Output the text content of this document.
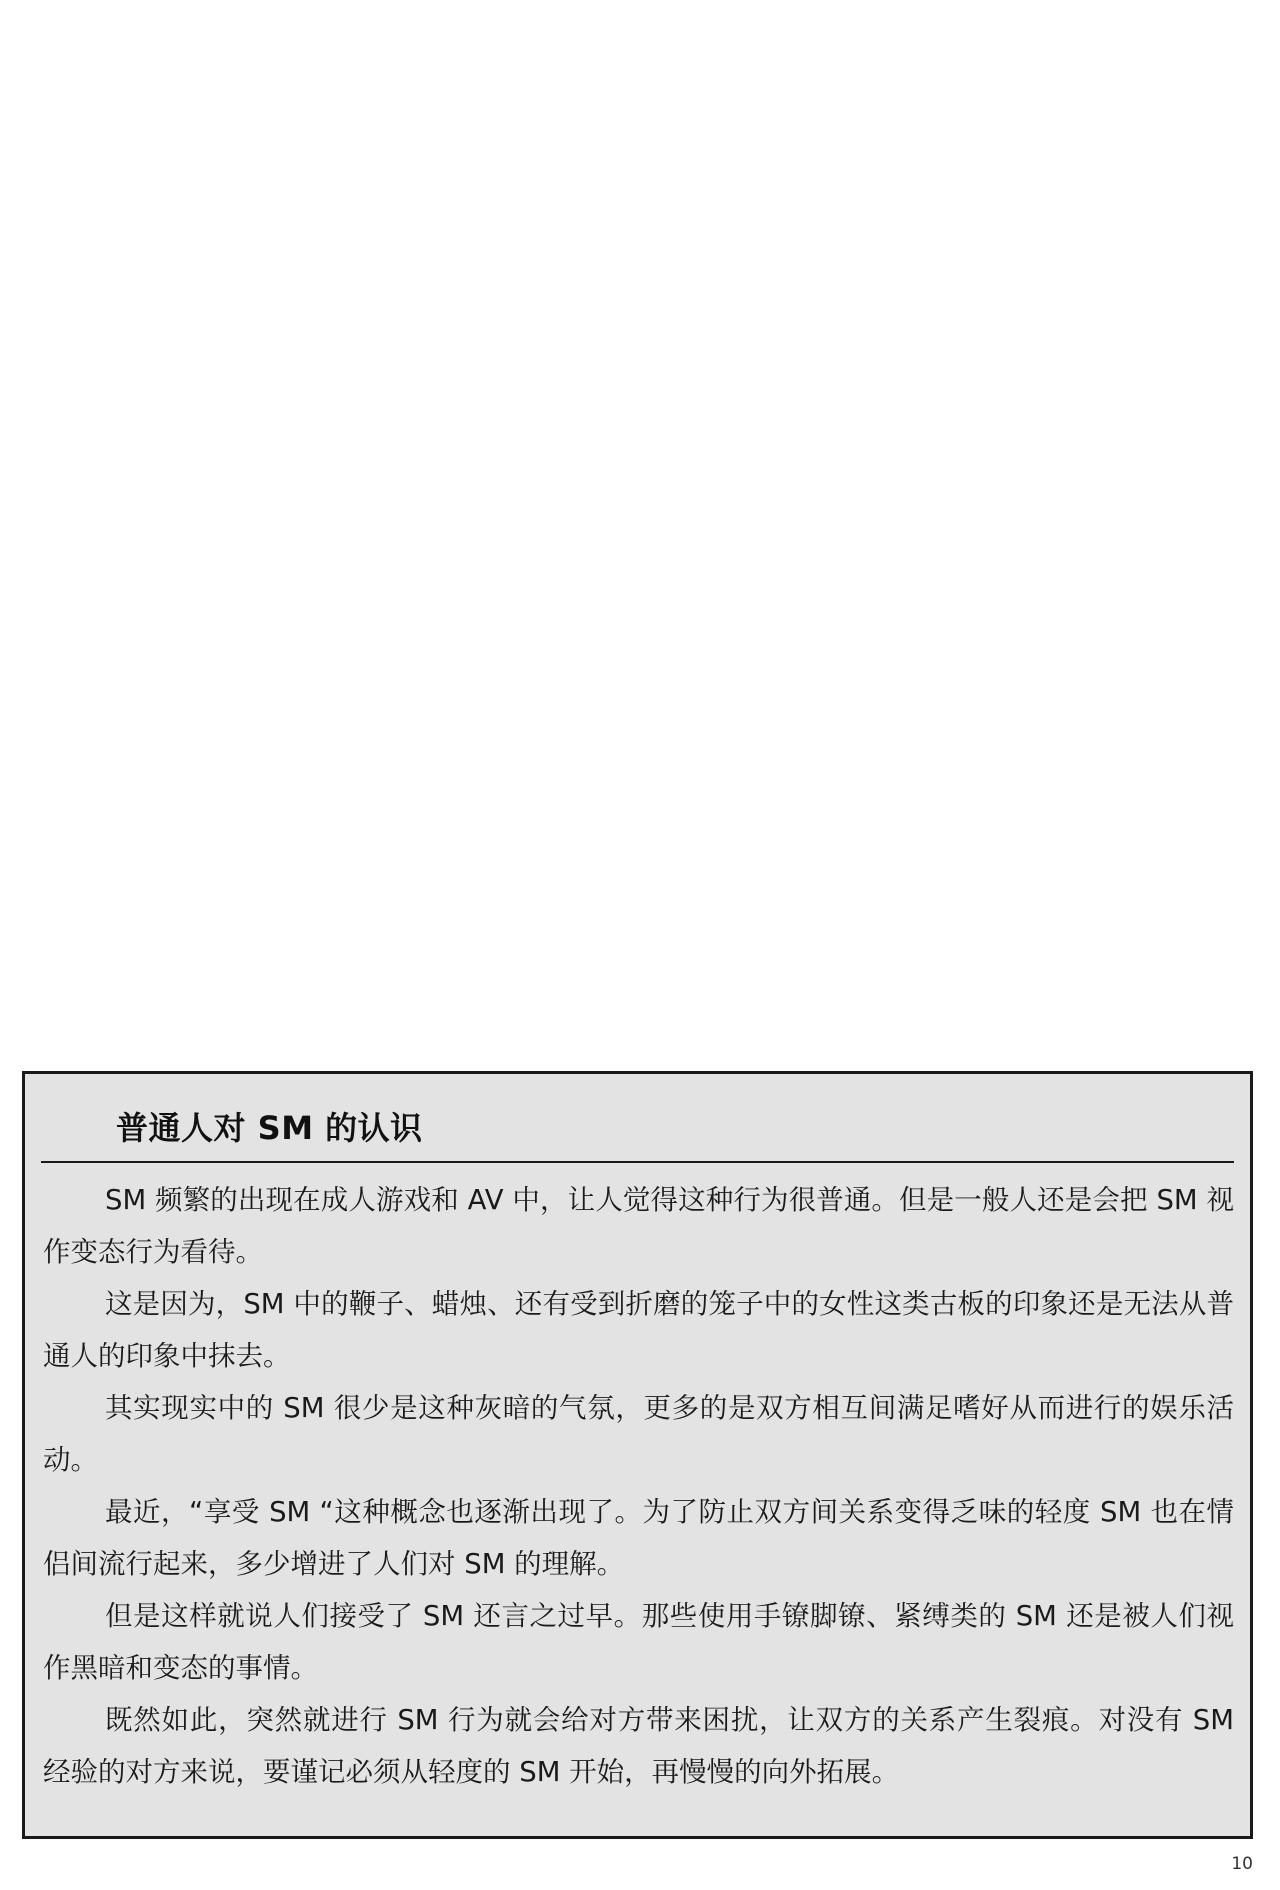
普通人对 SM 的认识

SM 频繁的出现在成人游戏和 AV 中，让人觉得这种行为很普通。但是一般人还是会把 SM 视作变态行为看待。

这是因为，SM 中的鞭子、蜡烛、还有受到折磨的笼子中的女性这类古板的印象还是无法从普通人的印象中抹去。

其实现实中的 SM 很少是这种灰暗的气氛，更多的是双方相互间满足嗜好从而进行的娱乐活动。

最近，“享受 SM “这种概念也逐渐出现了。为了防止双方间关系变得乏味的轻度 SM 也在情侣间流行起来，多少增进了人们对 SM 的理解。

但是这样就说人们接受了 SM 还言之过早。那些使用手镣脚镣、紧缚类的 SM 还是被人们视作黑暗和变态的事情。

既然如此，突然就进行 SM 行为就会给对方带来困扰，让双方的关系产生裂痕。对没有 SM 经验的对方来说，要谨记必须从轻度的 SM 开始，再慢慢的向外拓展。

10
